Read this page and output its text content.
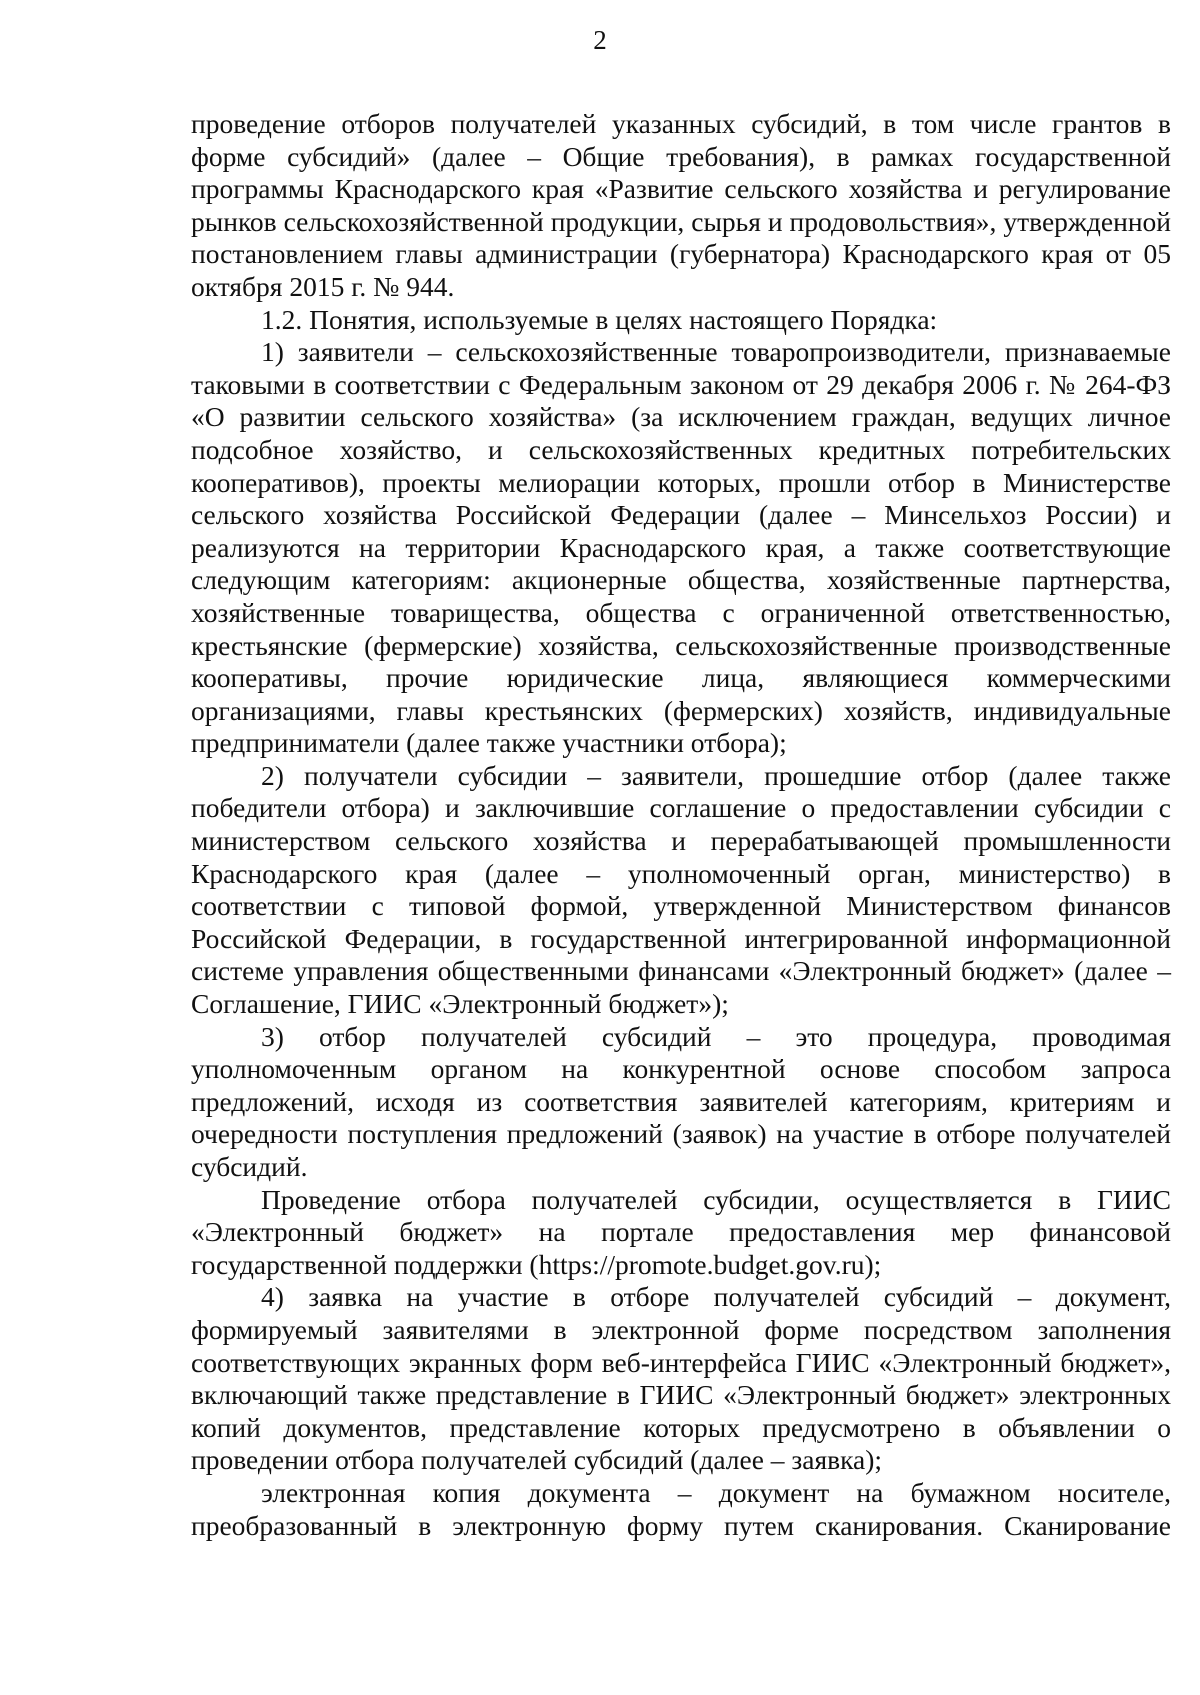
2

проведение отборов получателей указанных субсидий, в том числе грантов в форме субсидий» (далее – Общие требования), в рамках государственной программы Краснодарского края «Развитие сельского хозяйства и регулирование рынков сельскохозяйственной продукции, сырья и продовольствия», утвержденной постановлением главы администрации (губернатора) Краснодарского края от 05 октября 2015 г. № 944.

1.2. Понятия, используемые в целях настоящего Порядка:

1) заявители – сельскохозяйственные товаропроизводители, признаваемые таковыми в соответствии с Федеральным законом от 29 декабря 2006 г. № 264-ФЗ «О развитии сельского хозяйства» (за исключением граждан, ведущих личное подсобное хозяйство, и сельскохозяйственных кредитных потребительских кооперативов), проекты мелиорации которых, прошли отбор в Министерстве сельского хозяйства Российской Федерации (далее – Минсельхоз России) и реализуются на территории Краснодарского края, а также соответствующие следующим категориям: акционерные общества, хозяйственные партнерства, хозяйственные товарищества, общества с ограниченной ответственностью, крестьянские (фермерские) хозяйства, сельскохозяйственные производственные кооперативы, прочие юридические лица, являющиеся коммерческими организациями, главы крестьянских (фермерских) хозяйств, индивидуальные предприниматели (далее также участники отбора);

2) получатели субсидии – заявители, прошедшие отбор (далее также победители отбора) и заключившие соглашение о предоставлении субсидии с министерством сельского хозяйства и перерабатывающей промышленности Краснодарского края (далее – уполномоченный орган, министерство) в соответствии с типовой формой, утвержденной Министерством финансов Российской Федерации, в государственной интегрированной информационной системе управления общественными финансами «Электронный бюджет» (далее – Соглашение, ГИИС «Электронный бюджет»);

3) отбор получателей субсидий – это процедура, проводимая уполномоченным органом на конкурентной основе способом запроса предложений, исходя из соответствия заявителей категориям, критериям и очередности поступления предложений (заявок) на участие в отборе получателей субсидий.

Проведение отбора получателей субсидии, осуществляется в ГИИС «Электронный бюджет» на портале предоставления мер финансовой государственной поддержки (https://promote.budget.gov.ru);

4) заявка на участие в отборе получателей субсидий – документ, формируемый заявителями в электронной форме посредством заполнения соответствующих экранных форм веб-интерфейса ГИИС «Электронный бюджет», включающий также представление в ГИИС «Электронный бюджет» электронных копий документов, представление которых предусмотрено в объявлении о проведении отбора получателей субсидий (далее – заявка);

электронная копия документа – документ на бумажном носителе, преобразованный в электронную форму путем сканирования. Сканирование
